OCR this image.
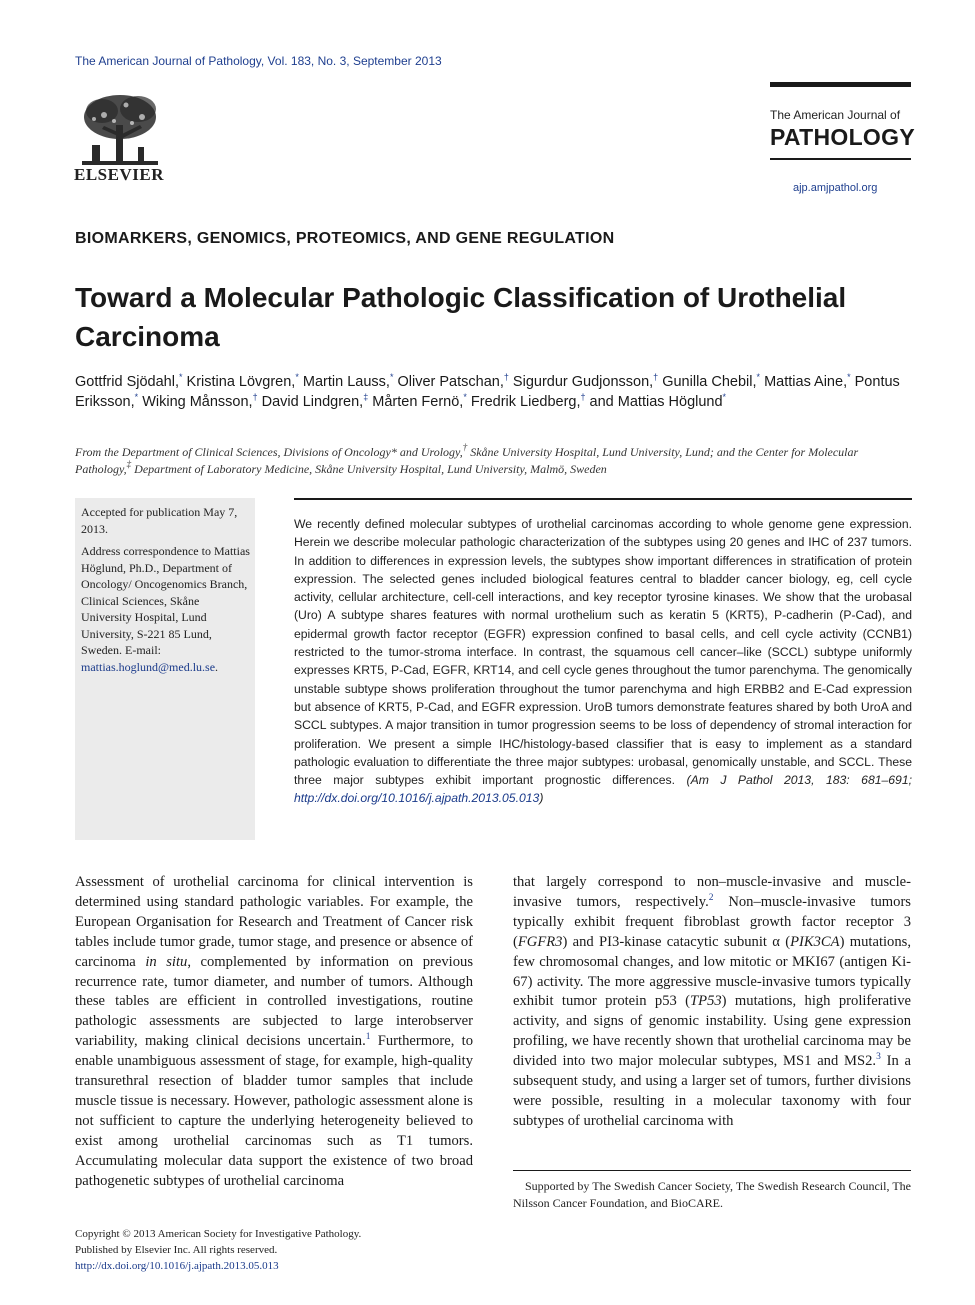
The American Journal of Pathology, Vol. 183, No. 3, September 2013
ELSEVIER
The American Journal of
PATHOLOGY
ajp.amjpathol.org
BIOMARKERS, GENOMICS, PROTEOMICS, AND GENE REGULATION
Toward a Molecular Pathologic Classification of Urothelial Carcinoma
Gottfrid Sjödahl,* Kristina Lövgren,* Martin Lauss,* Oliver Patschan,† Sigurdur Gudjonsson,† Gunilla Chebil,* Mattias Aine,* Pontus Eriksson,* Wiking Månsson,† David Lindgren,‡ Mårten Fernö,* Fredrik Liedberg,† and Mattias Höglund*
From the Department of Clinical Sciences, Divisions of Oncology* and Urology,† Skåne University Hospital, Lund University, Lund; and the Center for Molecular Pathology,‡ Department of Laboratory Medicine, Skåne University Hospital, Lund University, Malmö, Sweden

Accepted for publication May 7, 2013.

Address correspondence to Mattias Höglund, Ph.D., Department of Oncology/ Oncogenomics Branch, Clinical Sciences, Skåne University Hospital, Lund University, S-221 85 Lund, Sweden. E-mail: mattias.hoglund@med.lu.se.

We recently defined molecular subtypes of urothelial carcinomas according to whole genome gene expression. Herein we describe molecular pathologic characterization of the subtypes using 20 genes and IHC of 237 tumors. In addition to differences in expression levels, the subtypes show important differences in stratification of protein expression. The selected genes included biological features central to bladder cancer biology, eg, cell cycle activity, cellular architecture, cell-cell interactions, and key receptor tyrosine kinases. We show that the urobasal (Uro) A subtype shares features with normal urothelium such as keratin 5 (KRT5), P-cadherin (P-Cad), and epidermal growth factor receptor (EGFR) expression confined to basal cells, and cell cycle activity (CCNB1) restricted to the tumor-stroma interface. In contrast, the squamous cell cancer–like (SCCL) subtype uniformly expresses KRT5, P-Cad, EGFR, KRT14, and cell cycle genes throughout the tumor parenchyma. The genomically unstable subtype shows proliferation throughout the tumor parenchyma and high ERBB2 and E-Cad expression but absence of KRT5, P-Cad, and EGFR expression. UroB tumors demonstrate features shared by both UroA and SCCL subtypes. A major transition in tumor progression seems to be loss of dependency of stromal interaction for proliferation. We present a simple IHC/histology-based classifier that is easy to implement as a standard pathologic evaluation to differentiate the three major subtypes: urobasal, genomically unstable, and SCCL. These three major subtypes exhibit important prognostic differences. (Am J Pathol 2013, 183: 681–691; http://dx.doi.org/10.1016/j.ajpath.2013.05.013)
Assessment of urothelial carcinoma for clinical intervention is determined using standard pathologic variables. For example, the European Organisation for Research and Treatment of Cancer risk tables include tumor grade, tumor stage, and presence or absence of carcinoma in situ, complemented by information on previous recurrence rate, tumor diameter, and number of tumors. Although these tables are efficient in controlled investigations, routine pathologic assessments are subjected to large interobserver variability, making clinical decisions uncertain.$^1$ Furthermore, to enable unambiguous assessment of stage, for example, high-quality transurethral resection of bladder tumor samples that include muscle tissue is necessary. However, pathologic assessment alone is not sufficient to capture the underlying heterogeneity believed to exist among urothelial carcinomas such as T1 tumors. Accumulating molecular data support the existence of two broad pathogenetic subtypes of urothelial carcinoma
that largely correspond to non–muscle-invasive and muscle-invasive tumors, respectively.$^2$ Non–muscle-invasive tumors typically exhibit frequent fibroblast growth factor receptor 3 (FGFR3) and PI3-kinase catacytic subunit α (PIK3CA) mutations, few chromosomal changes, and low mitotic or MKI67 (antigen Ki-67) activity. The more aggressive muscle-invasive tumors typically exhibit tumor protein p53 (TP53) mutations, high proliferative activity, and signs of genomic instability. Using gene expression profiling, we have recently shown that urothelial carcinoma may be divided into two major molecular subtypes, MS1 and MS2.$^3$ In a subsequent study, and using a larger set of tumors, further divisions were possible, resulting in a molecular taxonomy with four subtypes of urothelial carcinoma with
Supported by The Swedish Cancer Society, The Swedish Research Council, The Nilsson Cancer Foundation, and BioCARE.
Copyright © 2013 American Society for Investigative Pathology.
Published by Elsevier Inc. All rights reserved.
http://dx.doi.org/10.1016/j.ajpath.2013.05.013
